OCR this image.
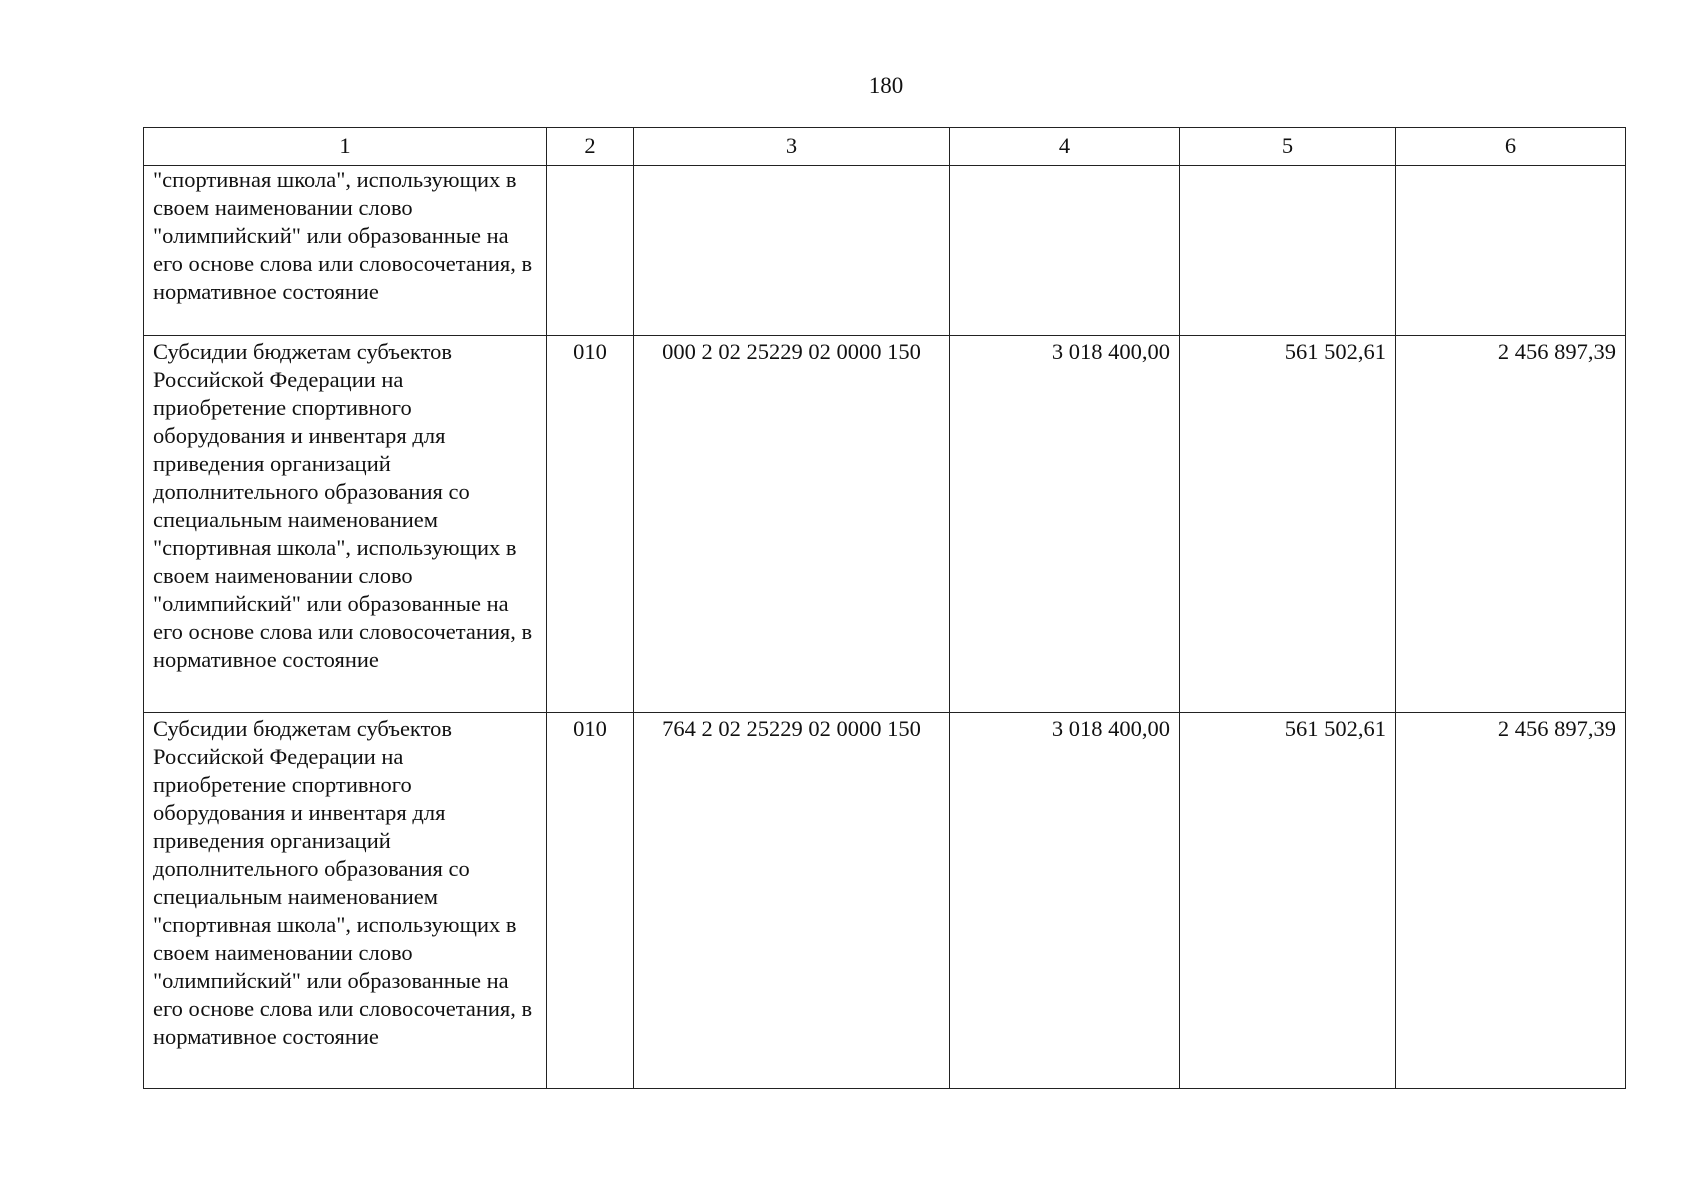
180
1	2	3	4	5	6
"спортивная школа", использующих в своем наименовании слово "олимпийский" или образованные на его основе слова или словосочетания, в нормативное состояние					
Субсидии бюджетам субъектов Российской Федерации на приобретение спортивного оборудования и инвентаря для приведения организаций дополнительного образования со специальным наименованием "спортивная школа", использующих в своем наименовании слово "олимпийский" или образованные на его основе слова или словосочетания, в нормативное состояние	010	000 2 02 25229 02 0000 150	3 018 400,00	561 502,61	2 456 897,39
Субсидии бюджетам субъектов Российской Федерации на приобретение спортивного оборудования и инвентаря для приведения организаций дополнительного образования со специальным наименованием "спортивная школа", использующих в своем наименовании слово "олимпийский" или образованные на его основе слова или словосочетания, в нормативное состояние	010	764 2 02 25229 02 0000 150	3 018 400,00	561 502,61	2 456 897,39
